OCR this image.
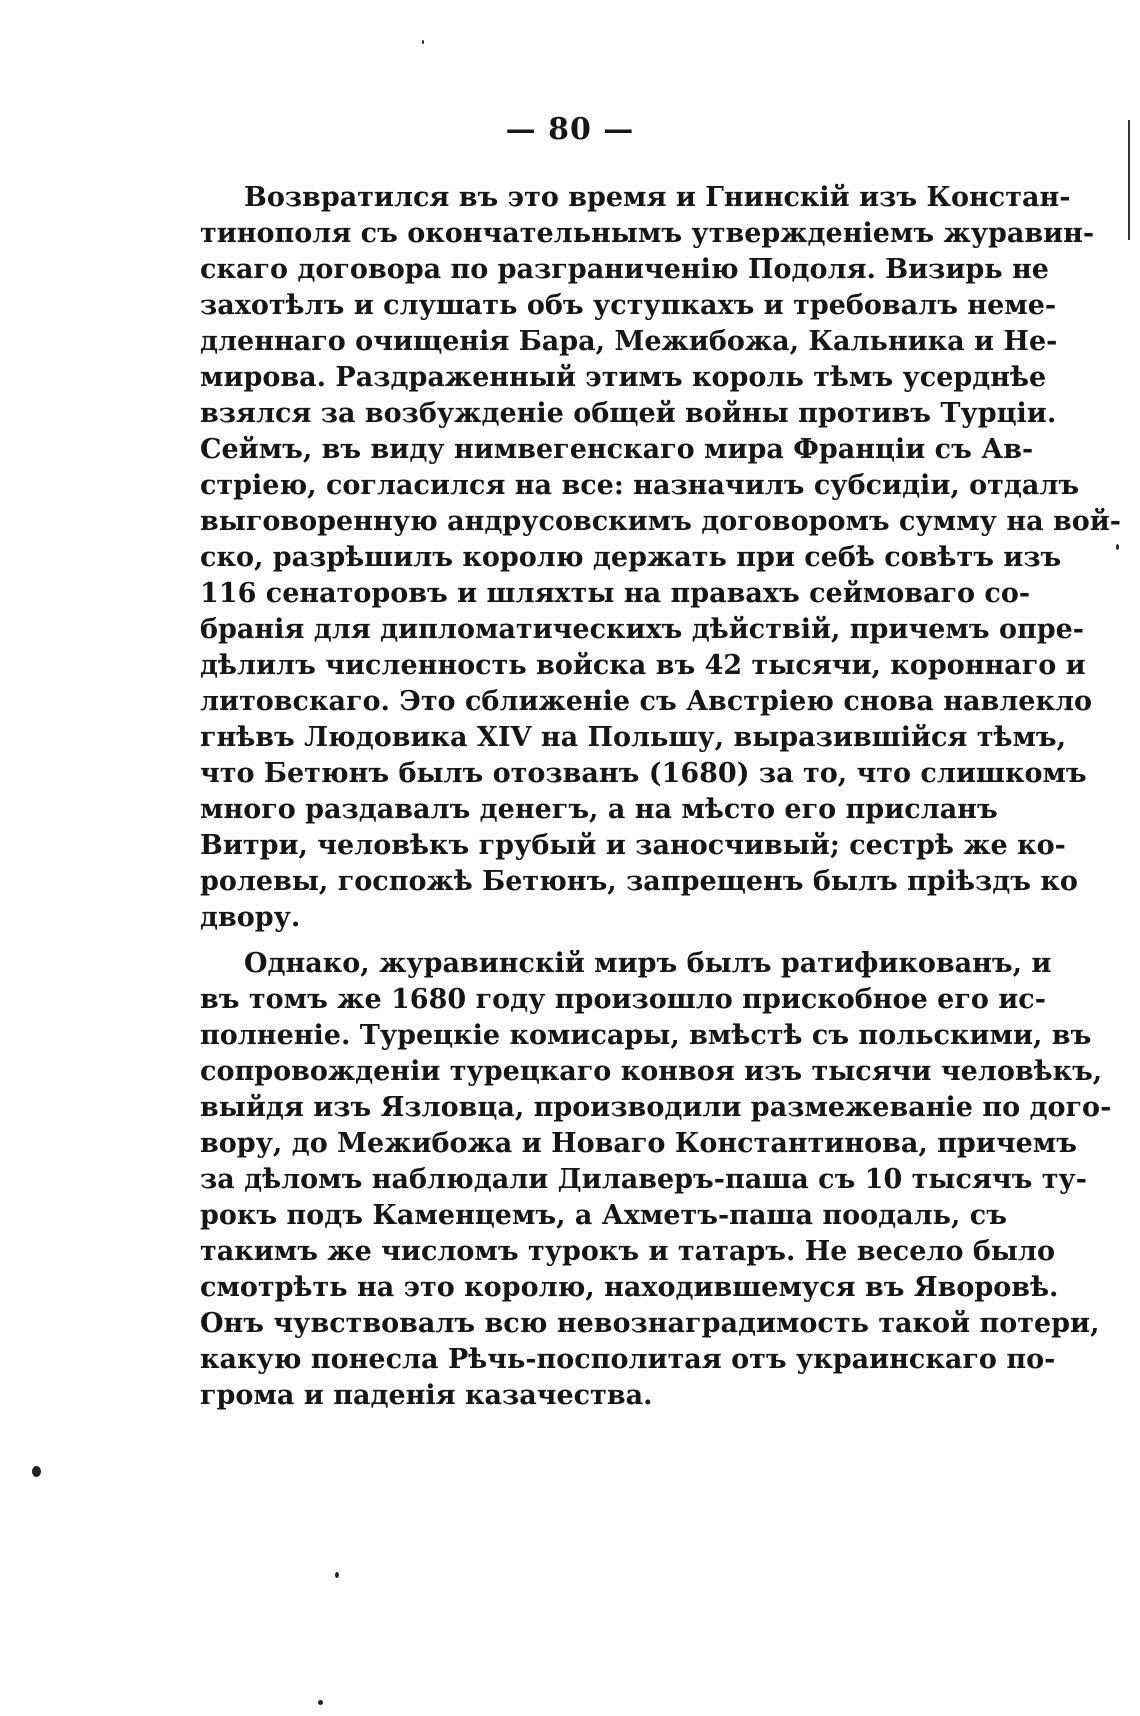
— 80 —
Возвратился въ это время и Гнинскій изъ Констан-
тинополя съ окончательнымъ утвержденіемъ журавин-
скаго договора по разграниченію Подоля. Визирь не
захотѣлъ и слушать объ уступкахъ и требовалъ неме-
дленнаго очищенія Бара, Межибожа, Кальника и Не-
мирова. Раздраженный этимъ король тѣмъ усерднѣе
взялся за возбужденіе общей войны противъ Турціи.
Сеймъ, въ виду нимвегенскаго мира Франціи съ Ав-
стріею, согласился на все: назначилъ субсидіи, отдалъ
выговоренную андрусовскимъ договоромъ сумму на вой-
ско, разрѣшилъ королю держать при себѣ совѣтъ изъ
116 сенаторовъ и шляхты на правахъ сеймоваго со-
бранія для дипломатическихъ дѣйствій, причемъ опре-
дѣлилъ численность войска въ 42 тысячи, короннаго и
литовскаго. Это сближеніе съ Австріею снова навлекло
гнѣвъ Людовика XIV на Польшу, выразившійся тѣмъ,
что Бетюнъ былъ отозванъ (1680) за то, что слишкомъ
много раздавалъ денегъ, а на мѣсто его присланъ
Витри, человѣкъ грубый и заносчивый; сестрѣ же ко-
ролевы, госпожѣ Бетюнъ, запрещенъ былъ пріѣздъ ко
двору.
Однако, журавинскій миръ былъ ратификованъ, и
въ томъ же 1680 году произошло прискобное его ис-
полненіе. Турецкіе комисары, вмѣстѣ съ польскими, въ
сопровожденіи турецкаго конвоя изъ тысячи человѣкъ,
выйдя изъ Язловца, производили размежеваніе по дого-
вору, до Межибожа и Новаго Константинова, причемъ
за дѣломъ наблюдали Дилаверъ-паша съ 10 тысячъ ту-
рокъ подъ Каменцемъ, а Ахметъ-паша поодаль, съ
такимъ же числомъ турокъ и татаръ. Не весело было
смотрѣть на это королю, находившемуся въ Яворовѣ.
Онъ чувствовалъ всю невознаградимость такой потери,
какую понесла Рѣчь-посполитая отъ украинскаго по-
грома и паденія казачества.
